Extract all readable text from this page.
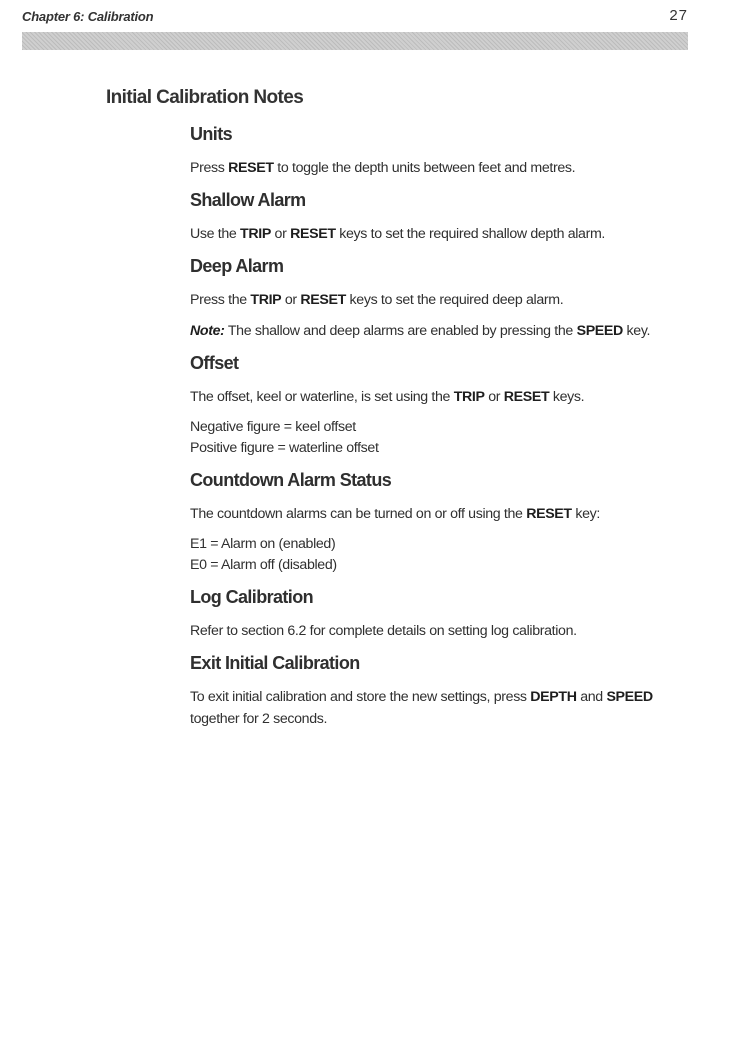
Chapter 6: Calibration	27
Initial Calibration Notes
Units

Press RESET to toggle the depth units between feet and metres.

Shallow Alarm

Use the TRIP or RESET keys to set the required shallow depth alarm.

Deep Alarm

Press the TRIP or RESET keys to set the required deep alarm.

Note: The shallow and deep alarms are enabled by pressing the SPEED key.

Offset

The offset, keel or waterline, is set using the TRIP or RESET keys.

Negative figure = keel offset
Positive figure = waterline offset

Countdown Alarm Status

The countdown alarms can be turned on or off using the RESET key:

E1 = Alarm on (enabled)
E0 = Alarm off (disabled)

Log Calibration

Refer to section 6.2 for complete details on setting log calibration.

Exit Initial Calibration

To exit initial calibration and store the new settings, press DEPTH and SPEED together for 2 seconds.
